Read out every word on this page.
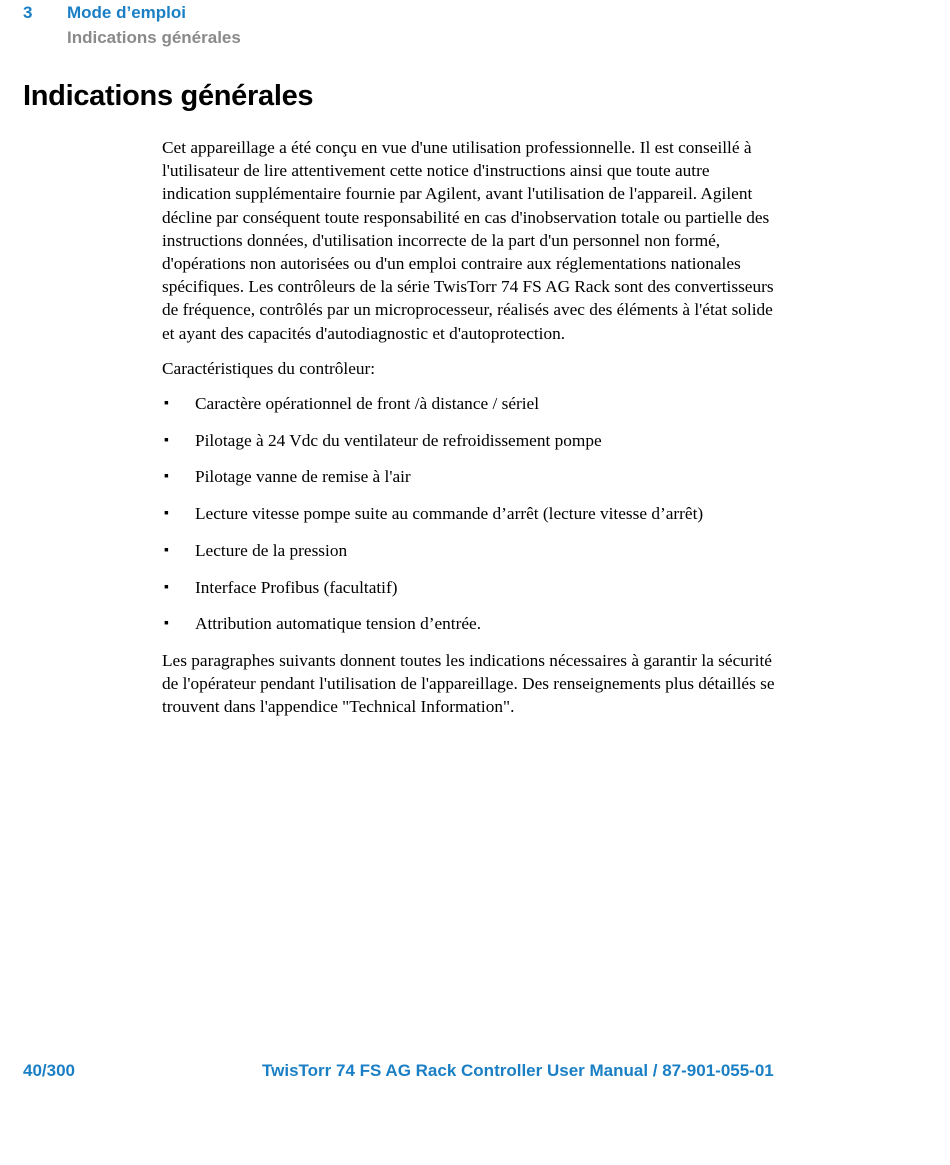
3 Mode d’emploi
Indications générales
Indications générales

Cet appareillage a été conçu en vue d'une utilisation professionnelle. Il est conseillé à l'utilisateur de lire attentivement cette notice d'instructions ainsi que toute autre indication supplémentaire fournie par Agilent, avant l'utilisation de l'appareil. Agilent décline par conséquent toute responsabilité en cas d'inobservation totale ou partielle des instructions données, d'utilisation incorrecte de la part d'un personnel non formé, d'opérations non autorisées ou d'un emploi contraire aux réglementations nationales spécifiques. Les contrôleurs de la série TwisTorr 74 FS AG Rack sont des convertisseurs de fréquence, contrôlés par un microprocesseur, réalisés avec des éléments à l'état solide et ayant des capacités d'autodiagnostic et d'autoprotection.

Caractéristiques du contrôleur:

▪ Caractère opérationnel de front /à distance / sériel
▪ Pilotage à 24 Vdc du ventilateur de refroidissement pompe
▪ Pilotage vanne de remise à l'air
▪ Lecture vitesse pompe suite au commande d’arrêt (lecture vitesse d’arrêt)
▪ Lecture de la pression
▪ Interface Profibus (facultatif)
▪ Attribution automatique tension d’entrée.

Les paragraphes suivants donnent toutes les indications nécessaires à garantir la sécurité de l'opérateur pendant l'utilisation de l'appareillage. Des renseignements plus détaillés se trouvent dans l'appendice "Technical Information".

40/300	TwisTorr 74 FS AG Rack Controller User Manual / 87-901-055-01
